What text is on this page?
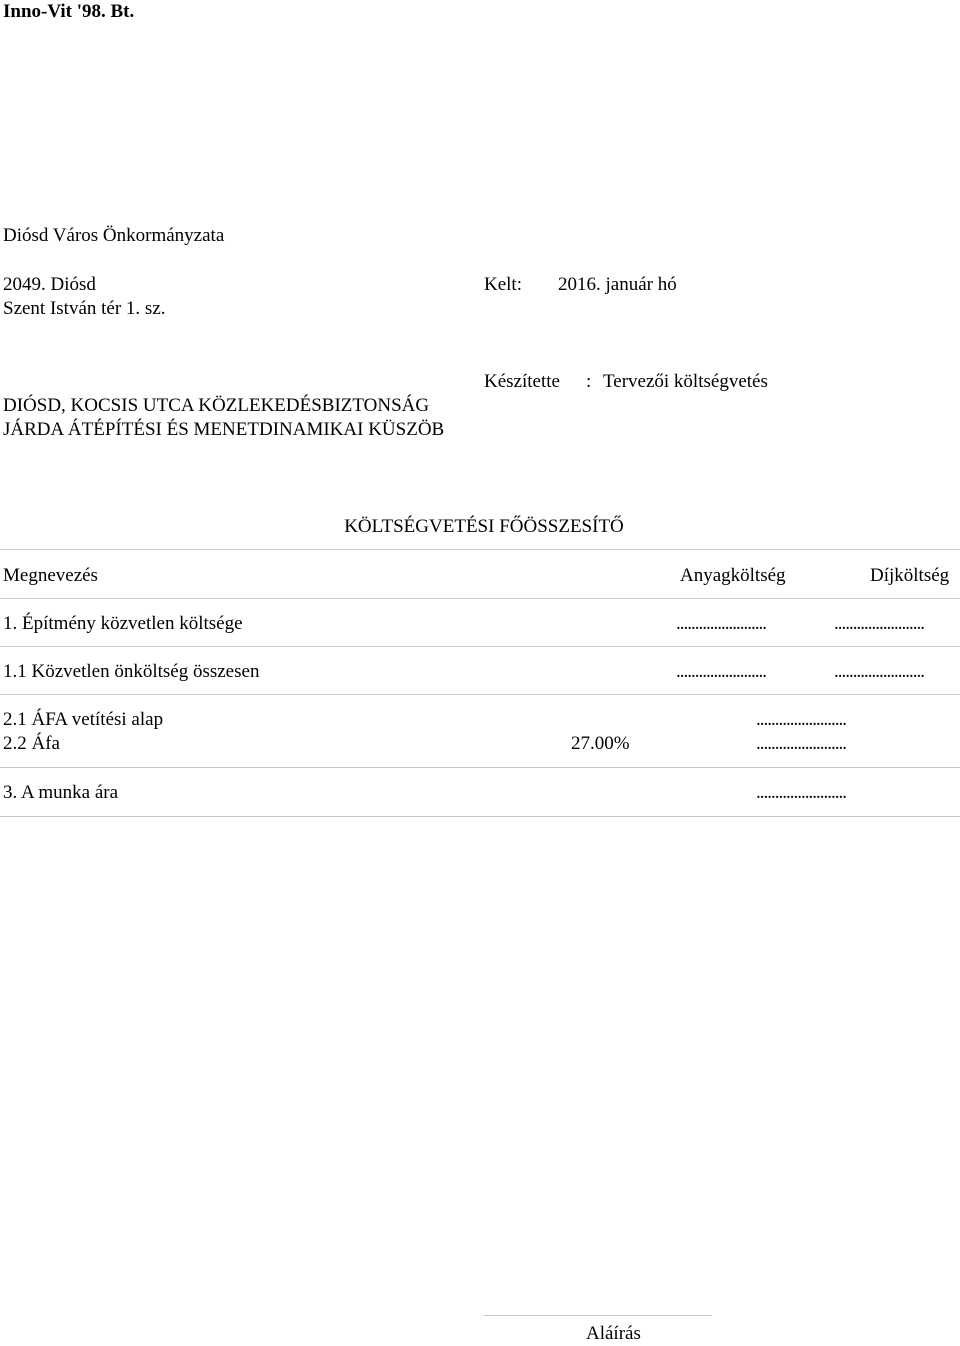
Inno-Vit '98. Bt.
Diósd Város Önkormányzata
2049. Diósd
Szent István tér 1. sz.
Kelt: 2016. január hó
Készítette : Tervezői költségvetés
DIÓSD, KOCSIS UTCA KÖZLEKEDÉSBIZTONSÁG
JÁRDA ÁTÉPÍTÉSI ÉS MENETDINAMIKAI KÜSZÖB
KÖLTSÉGVETÉSI FŐÖSSZESÍTŐ
Megnevezés	Anyagköltség	Díjköltség
1. Építmény közvetlen költsége	........................	........................
1.1 Közvetlen önköltség összesen	........................	........................
2.1 ÁFA vetítési alap	........................
2.2 Áfa	27.00%	........................
3. A munka ára	........................
Aláírás
